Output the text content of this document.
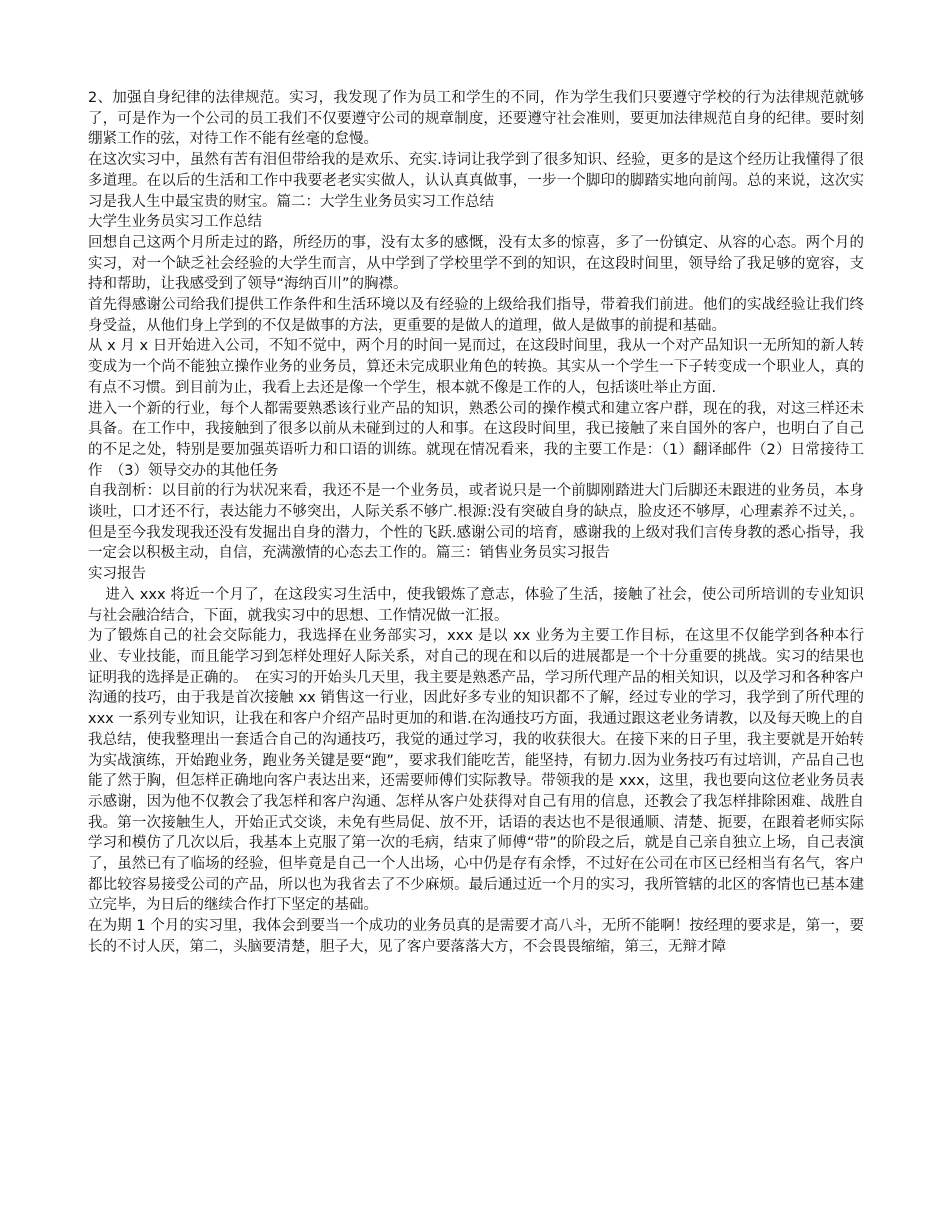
2、加强自身纪律的法律规范。实习，我发现了作为员工和学生的不同，作为学生我们只要遵守学校的行为法律规范就够了，可是作为一个公司的员工我们不仅要遵守公司的规章制度，还要遵守社会准则，要更加法律规范自身的纪律。要时刻绷紧工作的弦，对待工作不能有丝毫的怠慢。

在这次实习中，虽然有苦有泪但带给我的是欢乐、充实.诗词让我学到了很多知识、经验，更多的是这个经历让我懂得了很多道理。在以后的生活和工作中我要老老实实做人，认认真真做事，一步一个脚印的脚踏实地向前闯。总的来说，这次实习是我人生中最宝贵的财宝。篇二：大学生业务员实习工作总结

大学生业务员实习工作总结

回想自己这两个月所走过的路，所经历的事，没有太多的感慨，没有太多的惊喜，多了一份镇定、从容的心态。两个月的实习，对一个缺乏社会经验的大学生而言，从中学到了学校里学不到的知识，在这段时间里，领导给了我足够的宽容，支持和帮助，让我感受到了领导“海纳百川”的胸襟。

首先得感谢公司给我们提供工作条件和生活环境以及有经验的上级给我们指导，带着我们前进。他们的实战经验让我们终身受益，从他们身上学到的不仅是做事的方法，更重要的是做人的道理，做人是做事的前提和基础。

从 x 月 x 日开始进入公司，不知不觉中，两个月的时间一晃而过，在这段时间里，我从一个对产品知识一无所知的新人转变成为一个尚不能独立操作业务的业务员，算还未完成职业角色的转换。其实从一个学生一下子转变成一个职业人，真的有点不习惯。到目前为止，我看上去还是像一个学生，根本就不像是工作的人，包括谈吐举止方面.

进入一个新的行业，每个人都需要熟悉该行业产品的知识，熟悉公司的操作模式和建立客户群，现在的我，对这三样还未具备。在工作中，我接触到了很多以前从未碰到过的人和事。在这段时间里，我已接触了来自国外的客户，也明白了自己的不足之处，特别是要加强英语听力和口语的训练。就现在情况看来，我的主要工作是：（1）翻译邮件（2）日常接待工作　（3）领导交办的其他任务

自我剖析：以目前的行为状况来看，我还不是一个业务员，或者说只是一个前脚刚踏进大门后脚还未跟进的业务员，本身谈吐，口才还不行，表达能力不够突出，人际关系不够广.根源:没有突破自身的缺点，脸皮还不够厚，心理素养不过关，。但是至今我发现我还没有发掘出自身的潜力，个性的飞跃.感谢公司的培育，感谢我的上级对我们言传身教的悉心指导，我一定会以积极主动，自信，充满激情的心态去工作的。篇三：销售业务员实习报告

实习报告

进入 xxx 将近一个月了，在这段实习生活中，使我锻炼了意志，体验了生活，接触了社会，使公司所培训的专业知识与社会融洽结合，下面，就我实习中的思想、工作情况做一汇报。

为了锻炼自己的社会交际能力，我选择在业务部实习，xxx 是以 xx 业务为主要工作目标，在这里不仅能学到各种本行业、专业技能，而且能学习到怎样处理好人际关系，对自己的现在和以后的进展都是一个十分重要的挑战。实习的结果也证明我的选择是正确的。　在实习的开始头几天里，我主要是熟悉产品，学习所代理产品的相关知识，以及学习和各种客户沟通的技巧，由于我是首次接触 xx 销售这一行业，因此好多专业的知识都不了解，经过专业的学习，我学到了所代理的 xxx 一系列专业知识，让我在和客户介绍产品时更加的和谐.在沟通技巧方面，我通过跟这老业务请教，以及每天晚上的自我总结，使我整理出一套适合自己的沟通技巧，我觉的通过学习，我的收获很大。在接下来的日子里，我主要就是开始转为实战演练，开始跑业务，跑业务关键是要“跑”，要求我们能吃苦，能坚持，有韧力.因为业务技巧有过培训，产品自己也能了然于胸，但怎样正确地向客户表达出来，还需要师傅们实际教导。带领我的是 xxx，这里，我也要向这位老业务员表示感谢，因为他不仅教会了我怎样和客户沟通、怎样从客户处获得对自己有用的信息，还教会了我怎样排除困难、战胜自我。第一次接触生人，开始正式交谈，未免有些局促、放不开，话语的表达也不是很通顺、清楚、扼要，在跟着老师实际学习和模仿了几次以后，我基本上克服了第一次的毛病，结束了师傅“带”的阶段之后，就是自己亲自独立上场，自己表演了，虽然已有了临场的经验，但毕竟是自己一个人出场，心中仍是存有余悸，不过好在公司在市区已经相当有名气，客户都比较容易接受公司的产品，所以也为我省去了不少麻烦。最后通过近一个月的实习，我所管辖的北区的客情也已基本建立完毕，为日后的继续合作打下坚定的基础。

在为期 1 个月的实习里，我体会到要当一个成功的业务员真的是需要才高八斗，无所不能啊！按经理的要求是，第一，要长的不讨人厌，第二，头脑要清楚，胆子大，见了客户要落落大方，不会畏畏缩缩，第三，无辩才障
